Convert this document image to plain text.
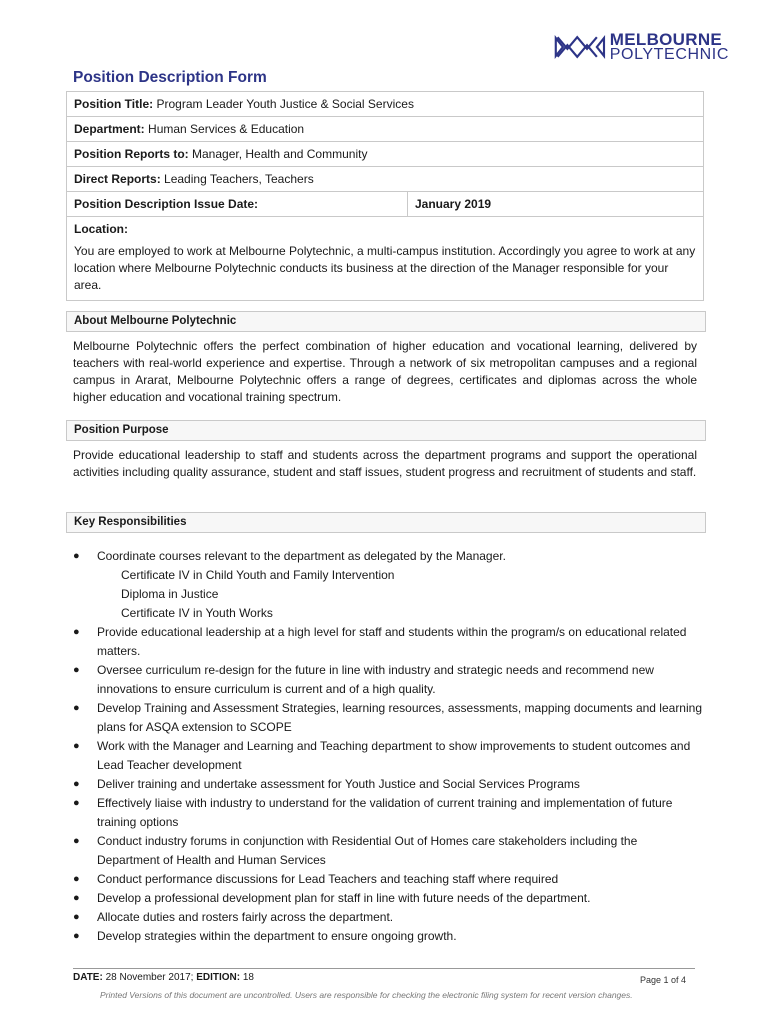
MELBOURNE
POLYTECHNIC
Position Description Form
Position Title: Program Leader Youth Justice & Social Services
Department: Human Services & Education
Position Reports to: Manager, Health and Community
Direct Reports: Leading Teachers, Teachers
Position Description Issue Date:	January 2019

Location:
You are employed to work at Melbourne Polytechnic, a multi-campus institution. Accordingly you agree to work at any location where Melbourne Polytechnic conducts its business at the direction of the Manager responsible for your area.
About Melbourne Polytechnic
Melbourne Polytechnic offers the perfect combination of higher education and vocational learning, delivered by teachers with real-world experience and expertise. Through a network of six metropolitan campuses and a regional campus in Ararat, Melbourne Polytechnic offers a range of degrees, certificates and diplomas across the whole higher education and vocational training spectrum.
Position Purpose
Provide educational leadership to staff and students across the department programs and support the operational activities including quality assurance, student and staff issues, student progress and recruitment of students and staff.
Key Responsibilities
● Coordinate courses relevant to the department as delegated by the Manager.
Certificate IV in Child Youth and Family Intervention
Diploma in Justice
Certificate IV in Youth Works
● Provide educational leadership at a high level for staff and students within the program/s on educational related matters.
● Oversee curriculum re-design for the future in line with industry and strategic needs and recommend new innovations to ensure curriculum is current and of a high quality.
● Develop Training and Assessment Strategies, learning resources, assessments, mapping documents and learning plans for ASQA extension to SCOPE
● Work with the Manager and Learning and Teaching department to show improvements to student outcomes and Lead Teacher development
● Deliver training and undertake assessment for Youth Justice and Social Services Programs
● Effectively liaise with industry to understand for the validation of current training and implementation of future training options
● Conduct industry forums in conjunction with Residential Out of Homes care stakeholders including the Department of Health and Human Services
● Conduct performance discussions for Lead Teachers and teaching staff where required
● Develop a professional development plan for staff in line with future needs of the department.
● Allocate duties and rosters fairly across the department.
● Develop strategies within the department to ensure ongoing growth.
DATE: 28 November 2017; EDITION: 18	Page 1 of 4
Printed Versions of this document are uncontrolled. Users are responsible for checking the electronic filing system for recent version changes.
